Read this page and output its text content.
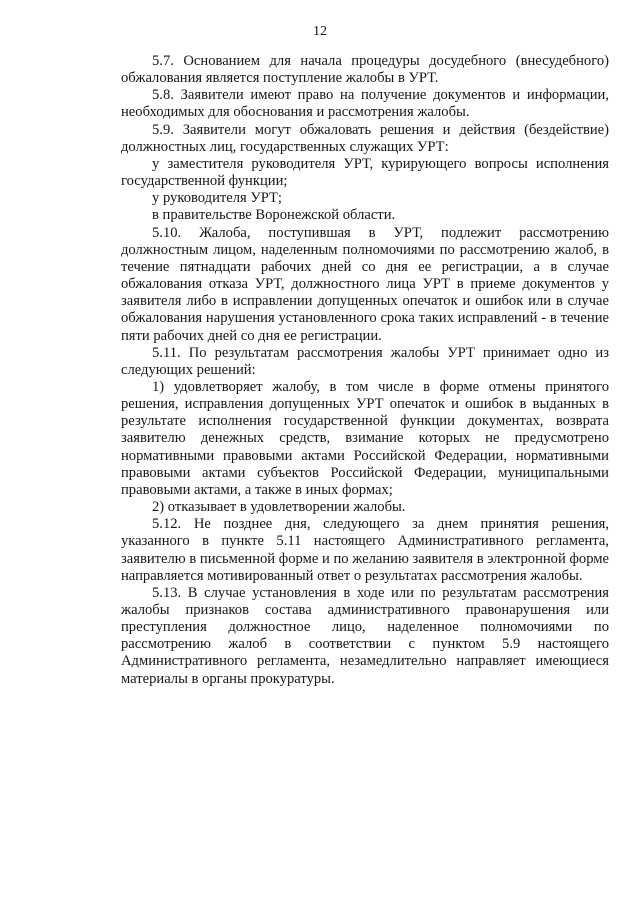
12

5.7. Основанием для начала процедуры досудебного (внесудебного) обжалования является поступление жалобы в УРТ.

5.8. Заявители имеют право на получение документов и информации, необходимых для обоснования и рассмотрения жалобы.

5.9. Заявители могут обжаловать решения и действия (бездействие) должностных лиц, государственных служащих УРТ:

у заместителя руководителя УРТ, курирующего вопросы исполнения государственной функции;

у руководителя УРТ;

в правительстве Воронежской области.

5.10. Жалоба, поступившая в УРТ, подлежит рассмотрению должностным лицом, наделенным полномочиями по рассмотрению жалоб, в течение пятнадцати рабочих дней со дня ее регистрации, а в случае обжалования отказа УРТ, должностного лица УРТ в приеме документов у заявителя либо в исправлении допущенных опечаток и ошибок или в случае обжалования нарушения установленного срока таких исправлений - в течение пяти рабочих дней со дня ее регистрации.

5.11. По результатам рассмотрения жалобы УРТ принимает одно из следующих решений:

1) удовлетворяет жалобу, в том числе в форме отмены принятого решения, исправления допущенных УРТ опечаток и ошибок в выданных в результате исполнения государственной функции документах, возврата заявителю денежных средств, взимание которых не предусмотрено нормативными правовыми актами Российской Федерации, нормативными правовыми актами субъектов Российской Федерации, муниципальными правовыми актами, а также в иных формах;

2) отказывает в удовлетворении жалобы.

5.12. Не позднее дня, следующего за днем принятия решения, указанного в пункте 5.11 настоящего Административного регламента, заявителю в письменной форме и по желанию заявителя в электронной форме направляется мотивированный ответ о результатах рассмотрения жалобы.

5.13. В случае установления в ходе или по результатам рассмотрения жалобы признаков состава административного правонарушения или преступления должностное лицо, наделенное полномочиями по рассмотрению жалоб в соответствии с пунктом 5.9 настоящего Административного регламента, незамедлительно направляет имеющиеся материалы в органы прокуратуры.
